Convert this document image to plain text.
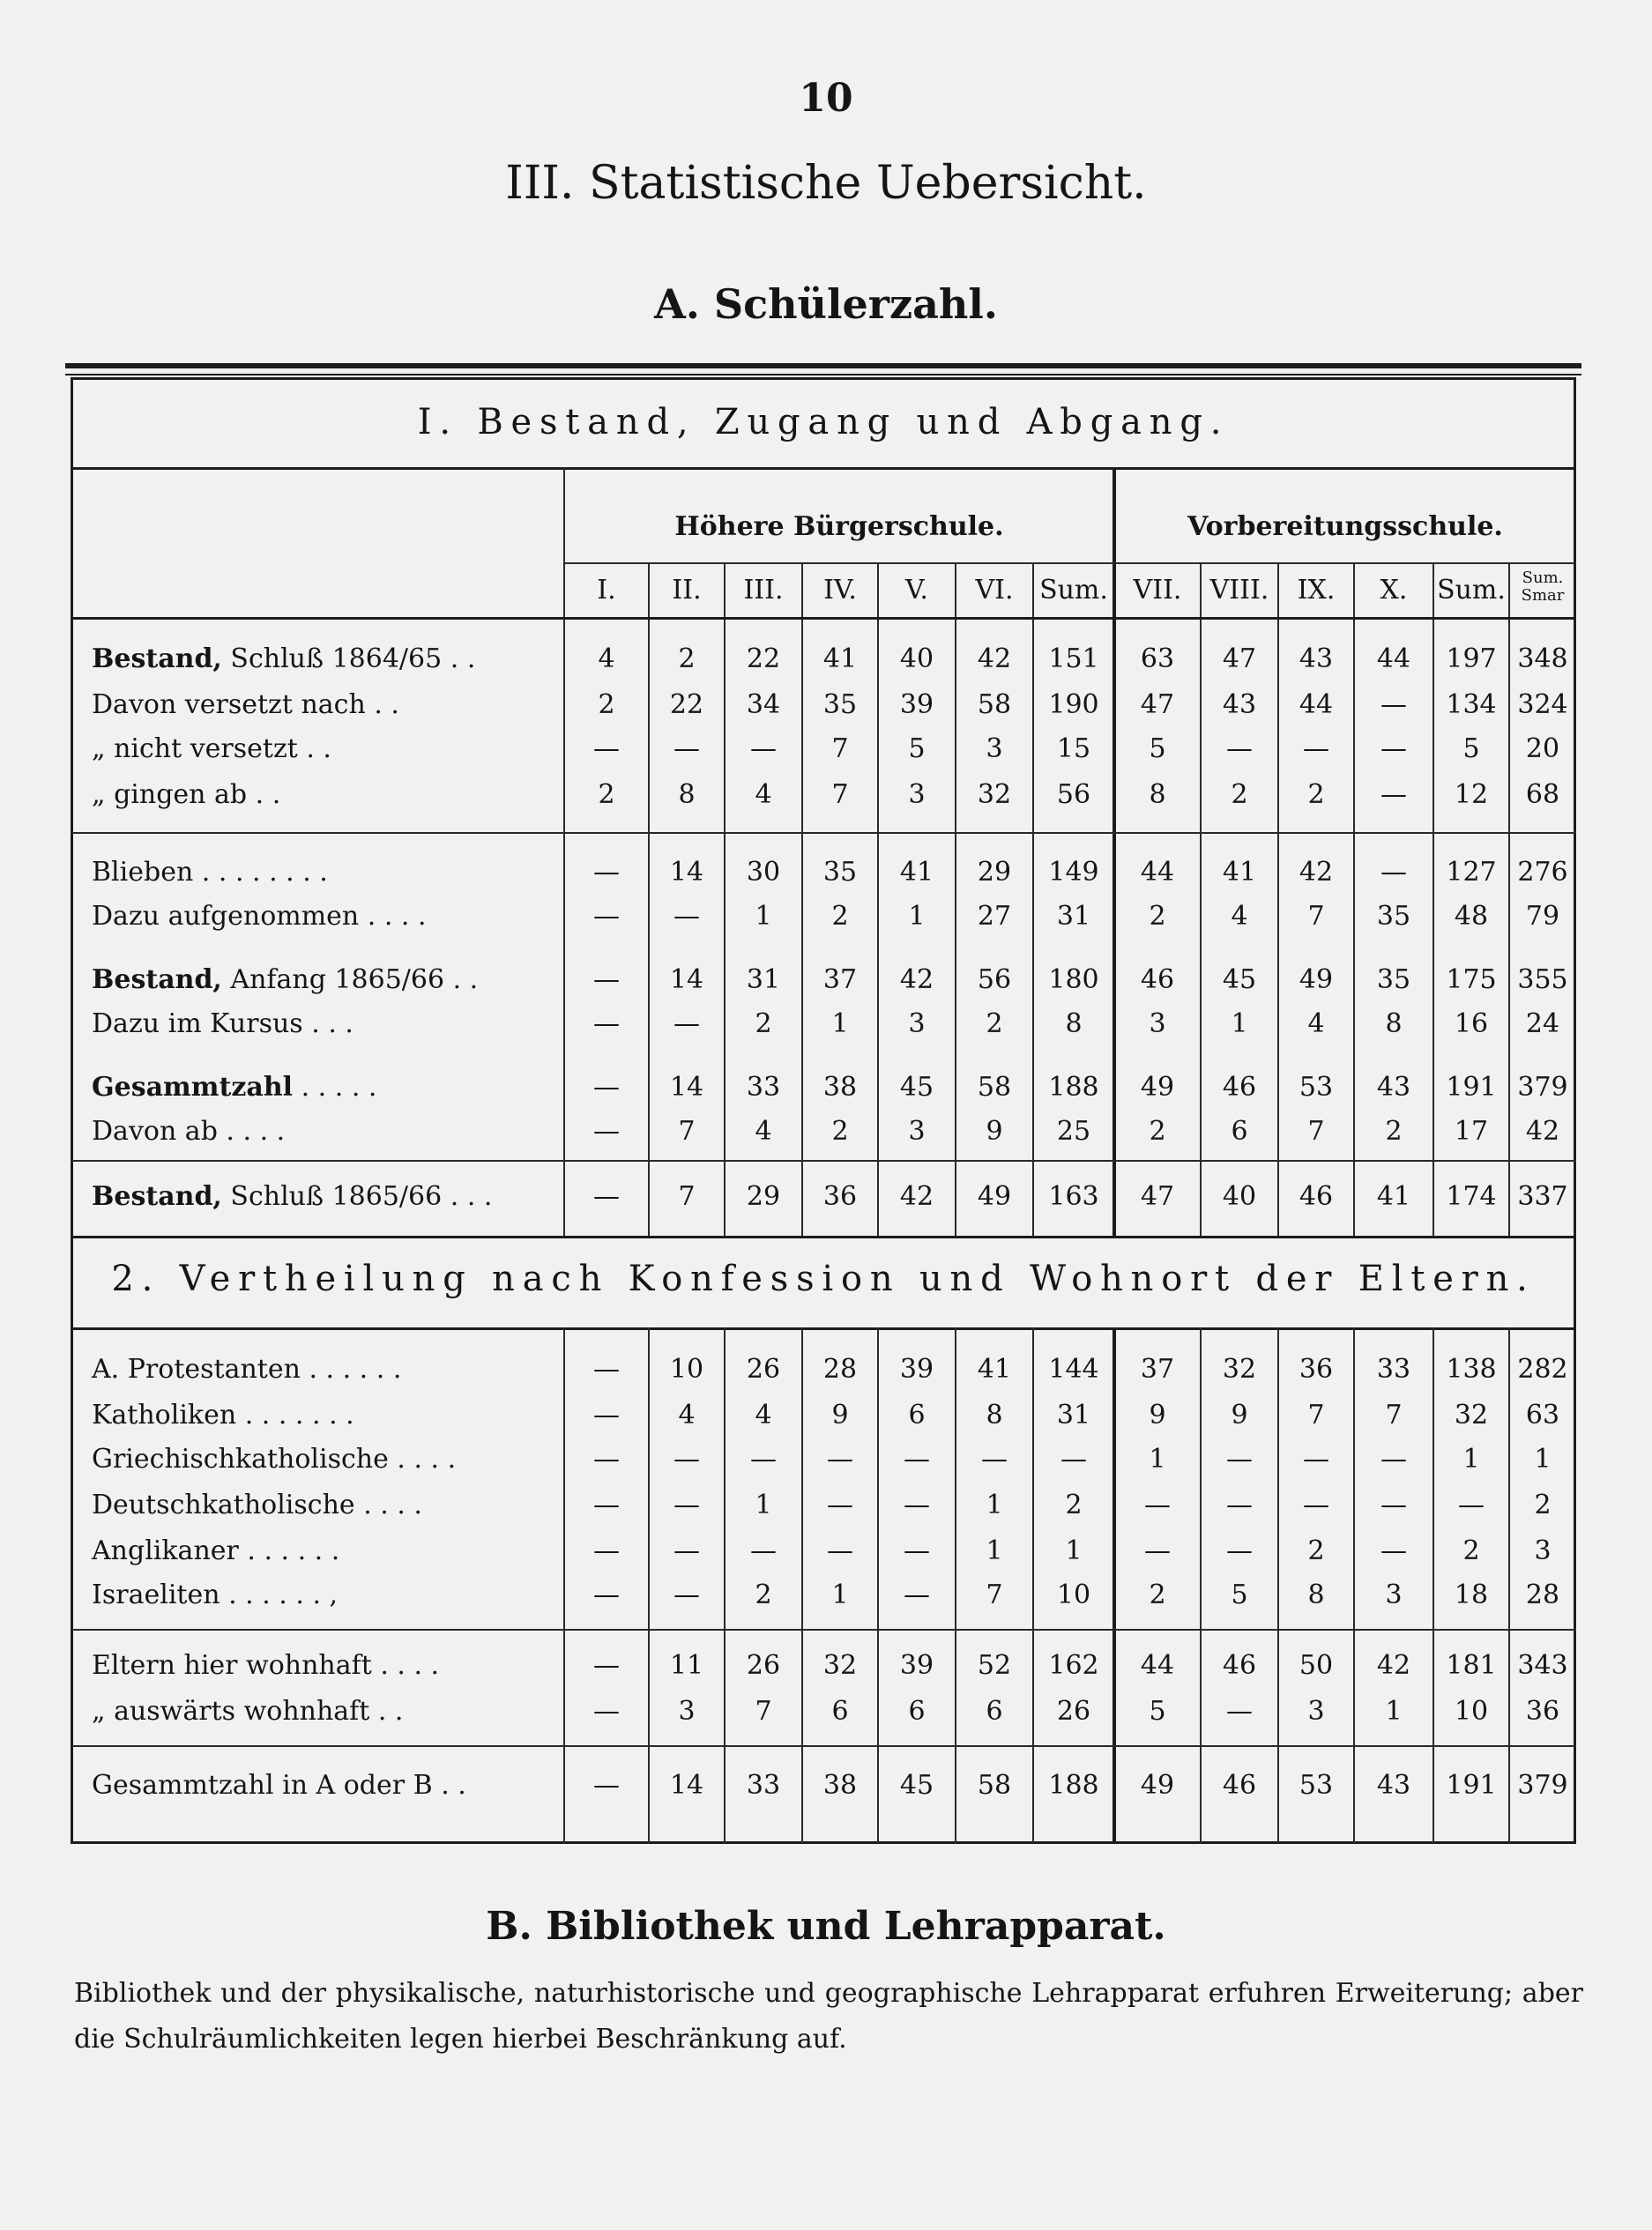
10
III. Statistische Uebersicht.
A. Schülerzahl.
I. Bestand, Zugang und Abgang.
2. Vertheilung nach Konfession und Wohnort der Eltern.
B. Bibliothek und Lehrapparat.
Bibliothek und der physikalische, naturhistorische und geographische Lehrapparat erfuhren Erweiterung; aber die Schulräumlichkeiten legen hierbei Beschränkung auf.
Höhere Bürgerschule.	Vorbereitungsschule.
I.	II.	III.	IV.	V.	VI. Sum. VII.	VIII.	IX.	X.	Sum.	Sum. Smar
Bestand, Schluß 1864/65 . .	4	2	22	41	40	42	151	63	47	43	44	197 348
Davon versetzt nach . .	2	22	34	35	39	58	190	47	43	44	—	134 324
„ nicht versetzt . .	—	—	—	7	5	3	15	5	—	—	—	5	20
„ gingen ab . .	2	8	4	7	3	32	56	8	2	2	—	12	68
Blieben . . . . . . . .	—	14	30	35	41	29	149	44	41	42	—	127 276
Dazu aufgenommen . . . .	—	—	1	2	1	27	31	2	4	7	35	48	79
Bestand, Anfang 1865/66 . .	—	14	31	37	42	56	180	46	45	49	35	175 355
Dazu im Kursus . . .	—	—	2	1	3	2	8	3	1	4	8	16	24
Gesammtzahl . . . . .	—	14	33	38	45	58	188	49	46	53	43	191 379
Davon ab . . . .	—	7	4	2	3	9	25	2	6	7	2	17	42
Bestand, Schluß 1865/66 . . .	—	7	29	36	42	49	163	47	40	46	41	174 337
A. Protestanten . . . . . .	—	10	26	28	39	41	144	37	32	36	33	138 282
Katholiken . . . . . . .	—	4	4	9	6	8	31	9	9	7	7	32	63
Griechischkatholische . . . .	—	—	—	—	—	—	—	1	—	—	—	1	1
Deutschkatholische . . . .	—	—	1	—	—	1	2	—	—	—	—	—	2
Anglikaner . . . . . .	—	—	—	—	—	1	1	—	—	2	—	2	3
Israeliten . . . . . . ,	—	—	2	1	—	7	10	2	5	8	3	18	28
Eltern hier wohnhaft . . . .	—	11	26	32	39	52	162	44	46	50	42	181 343
„ auswärts wohnhaft . .	—	3	7	6	6	6	26	5	—	3	1	10	36
Gesammtzahl in A oder B . .	—	14	33	38	45	58	188	49	46	53	43	191 379
